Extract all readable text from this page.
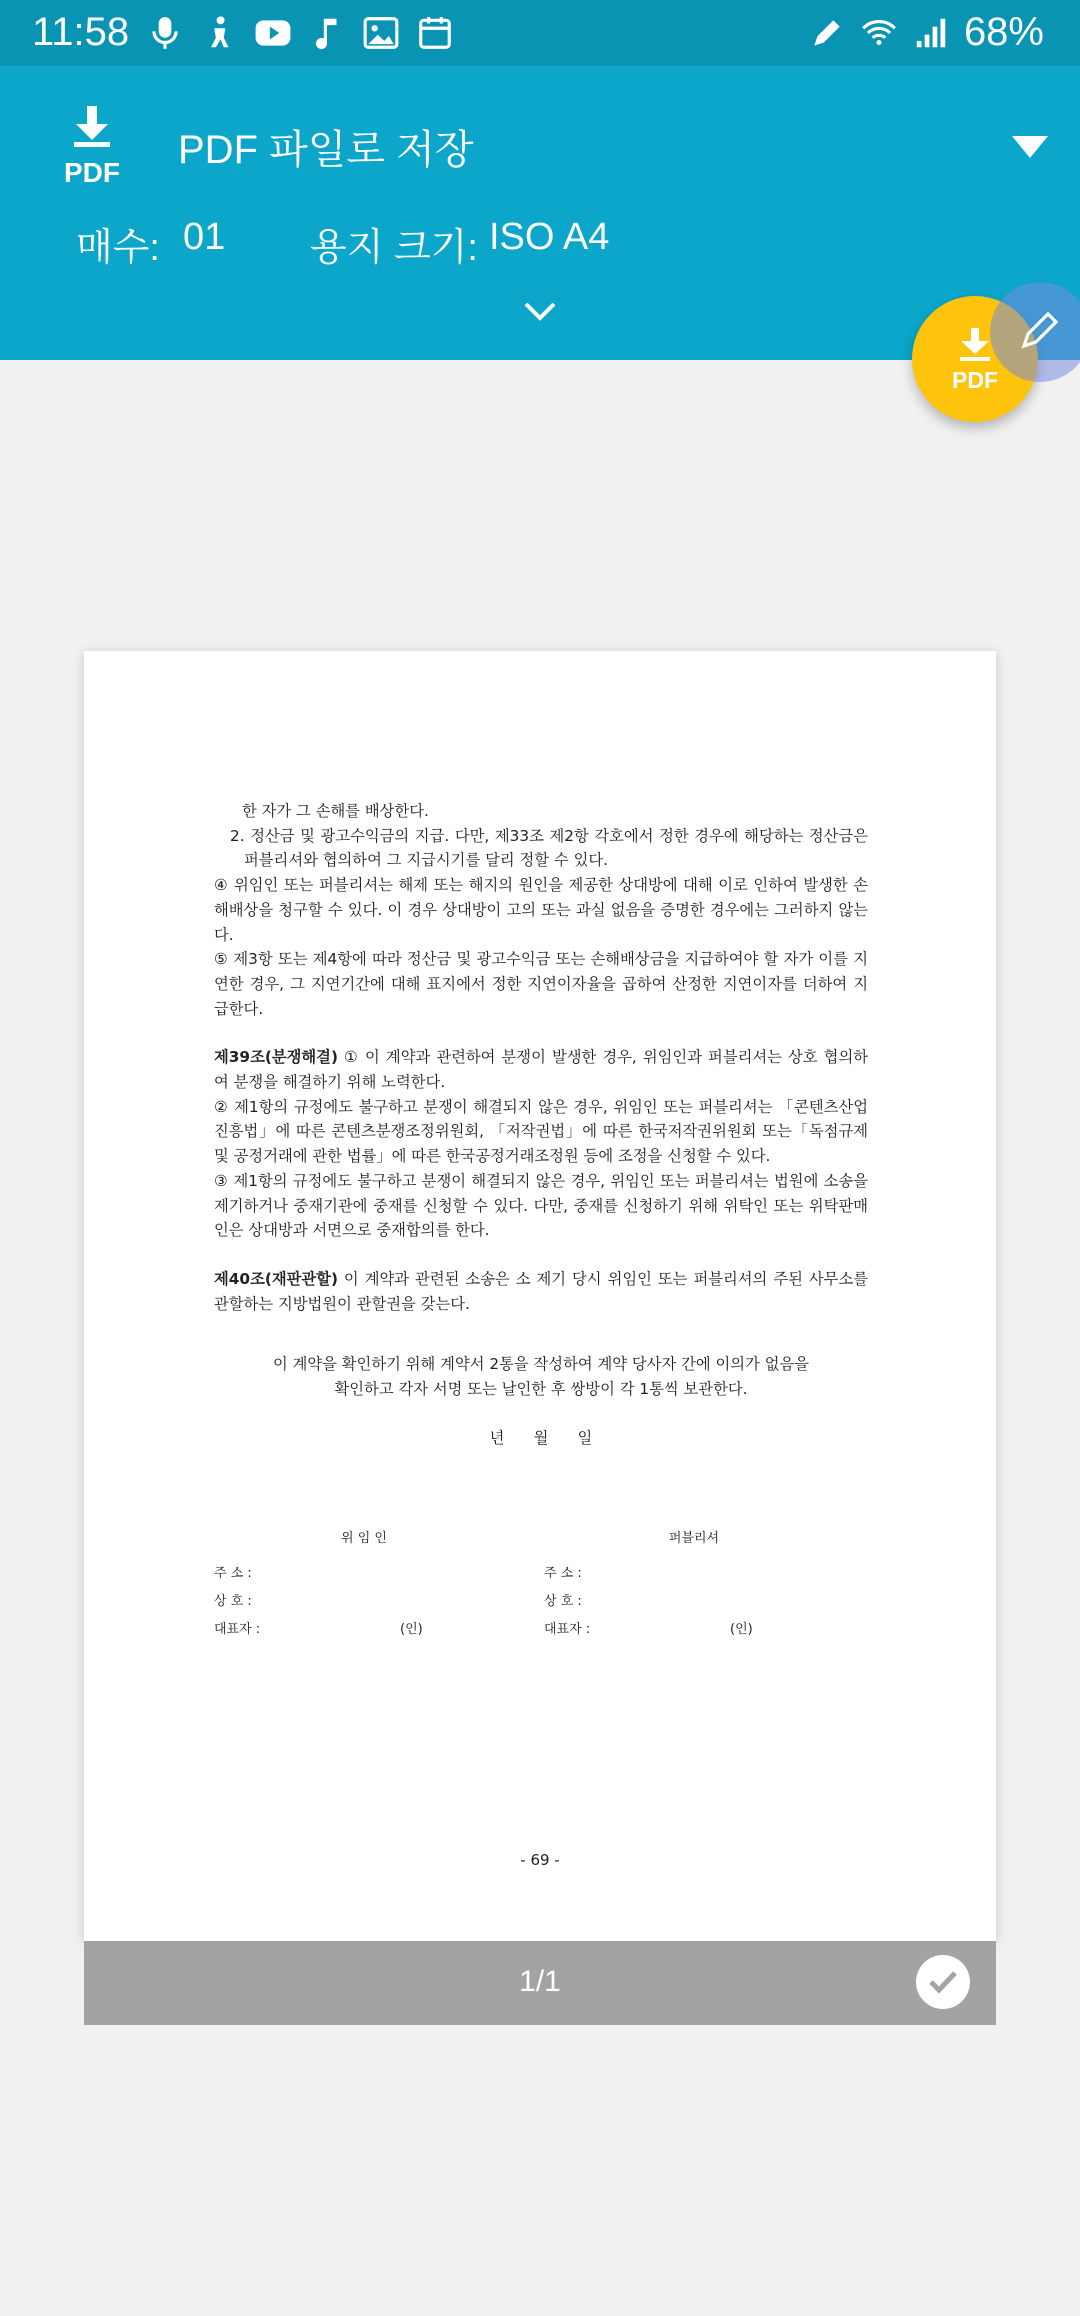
11:58	68%
PDF
PDF 파일로 저장
매수: 01 용지 크기: ISO A4
PDF

한 자가 그 손해를 배상한다.

2. 정산금 및 광고수익금의 지급. 다만, 제33조 제2항 각호에서 정한 경우에 해당하는 정산금은 퍼블리셔와 협의하여 그 지급시기를 달리 정할 수 있다.

④ 위임인 또는 퍼블리셔는 해제 또는 해지의 원인을 제공한 상대방에 대해 이로 인하여 발생한 손해배상을 청구할 수 있다. 이 경우 상대방이 고의 또는 과실 없음을 증명한 경우에는 그러하지 않는다.

⑤ 제3항 또는 제4항에 따라 정산금 및 광고수익금 또는 손해배상금을 지급하여야 할 자가 이를 지연한 경우, 그 지연기간에 대해 표지에서 정한 지연이자율을 곱하여 산정한 지연이자를 더하여 지급한다.

제39조(분쟁해결) ① 이 계약과 관련하여 분쟁이 발생한 경우, 위임인과 퍼블리셔는 상호 협의하여 분쟁을 해결하기 위해 노력한다.

② 제1항의 규정에도 불구하고 분쟁이 해결되지 않은 경우, 위임인 또는 퍼블리셔는 「콘텐츠산업진흥법」에 따른 콘텐츠분쟁조정위원회, 「저작권법」에 따른 한국저작권위원회 또는「독점규제 및 공정거래에 관한 법률」에 따른 한국공정거래조정원 등에 조정을 신청할 수 있다.

③ 제1항의 규정에도 불구하고 분쟁이 해결되지 않은 경우, 위임인 또는 퍼블리셔는 법원에 소송을 제기하거나 중재기관에 중재를 신청할 수 있다. 다만, 중재를 신청하기 위해 위탁인 또는 위탁판매인은 상대방과 서면으로 중재합의를 한다.

제40조(재판관할) 이 계약과 관련된 소송은 소 제기 당시 위임인 또는 퍼블리셔의 주된 사무소를 관할하는 지방법원이 관할권을 갖는다.

이 계약을 확인하기 위해 계약서 2통을 작성하여 계약 당사자 간에 이의가 없음을

확인하고 각자 서명 또는 날인한 후 쌍방이 각 1통씩 보관한다.

년      월      일

위 임 인
주 소 :
상 호 :
대표자 :	(인)
퍼블리셔
주 소 :
상 호 :
대표자 :	(인)
- 69 -
1/1
